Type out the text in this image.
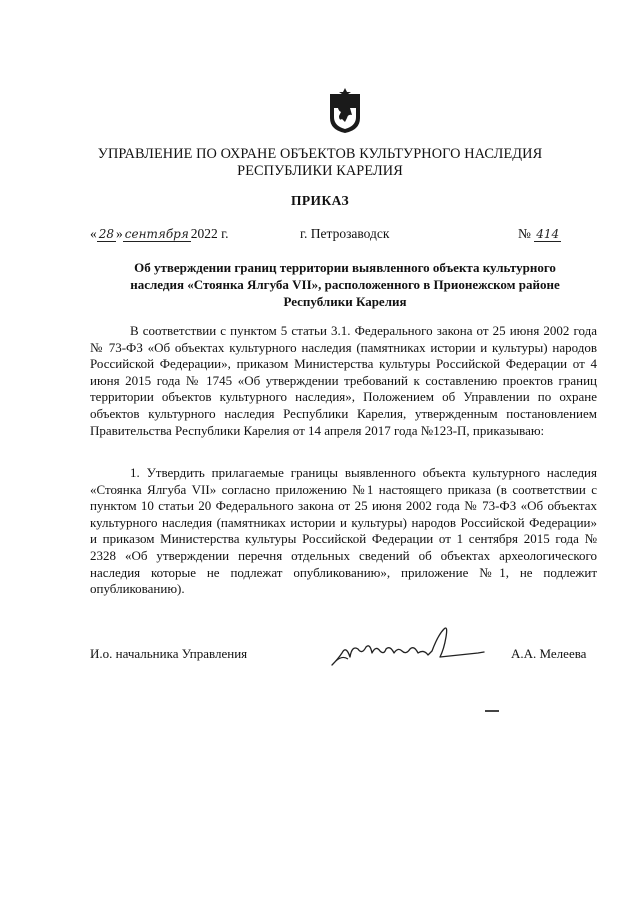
УПРАВЛЕНИЕ ПО ОХРАНЕ ОБЪЕКТОВ КУЛЬТУРНОГО НАСЛЕДИЯ
РЕСПУБЛИКИ КАРЕЛИЯ
ПРИКАЗ
« 28 » сентября 2022 г.	г. Петрозаводск	№ 414
Об утверждении границ территории выявленного объекта культурного
наследия «Стоянка Ялгуба VII», расположенного в Прионежском районе
Республики Карелия
В соответствии с пунктом 5 статьи 3.1. Федерального закона от 25 июня 2002 года № 73-ФЗ «Об объектах культурного наследия (памятниках истории и культуры) народов Российской Федерации», приказом Министерства культуры Российской Федерации от 4 июня 2015 года № 1745 «Об утверждении требований к составлению проектов границ территории объектов культурного наследия», Положением об Управлении по охране объектов культурного наследия Республики Карелия, утвержденным постановлением Правительства Республики Карелия от 14 апреля 2017 года №123-П, приказываю:
1. Утвердить прилагаемые границы выявленного объекта культурного наследия «Стоянка Ялгуба VII» согласно приложению №1 настоящего приказа (в соответствии с пунктом 10 статьи 20 Федерального закона от 25 июня 2002 года № 73-ФЗ «Об объектах культурного наследия (памятниках истории и культуры) народов Российской Федерации» и приказом Министерства культуры Российской Федерации от 1 сентября 2015 года № 2328 «Об утверждении перечня отдельных сведений об объектах археологического наследия которые не подлежат опубликованию», приложение №1, не подлежит опубликованию).
И.о. начальника Управления	А.А. Мелеева
